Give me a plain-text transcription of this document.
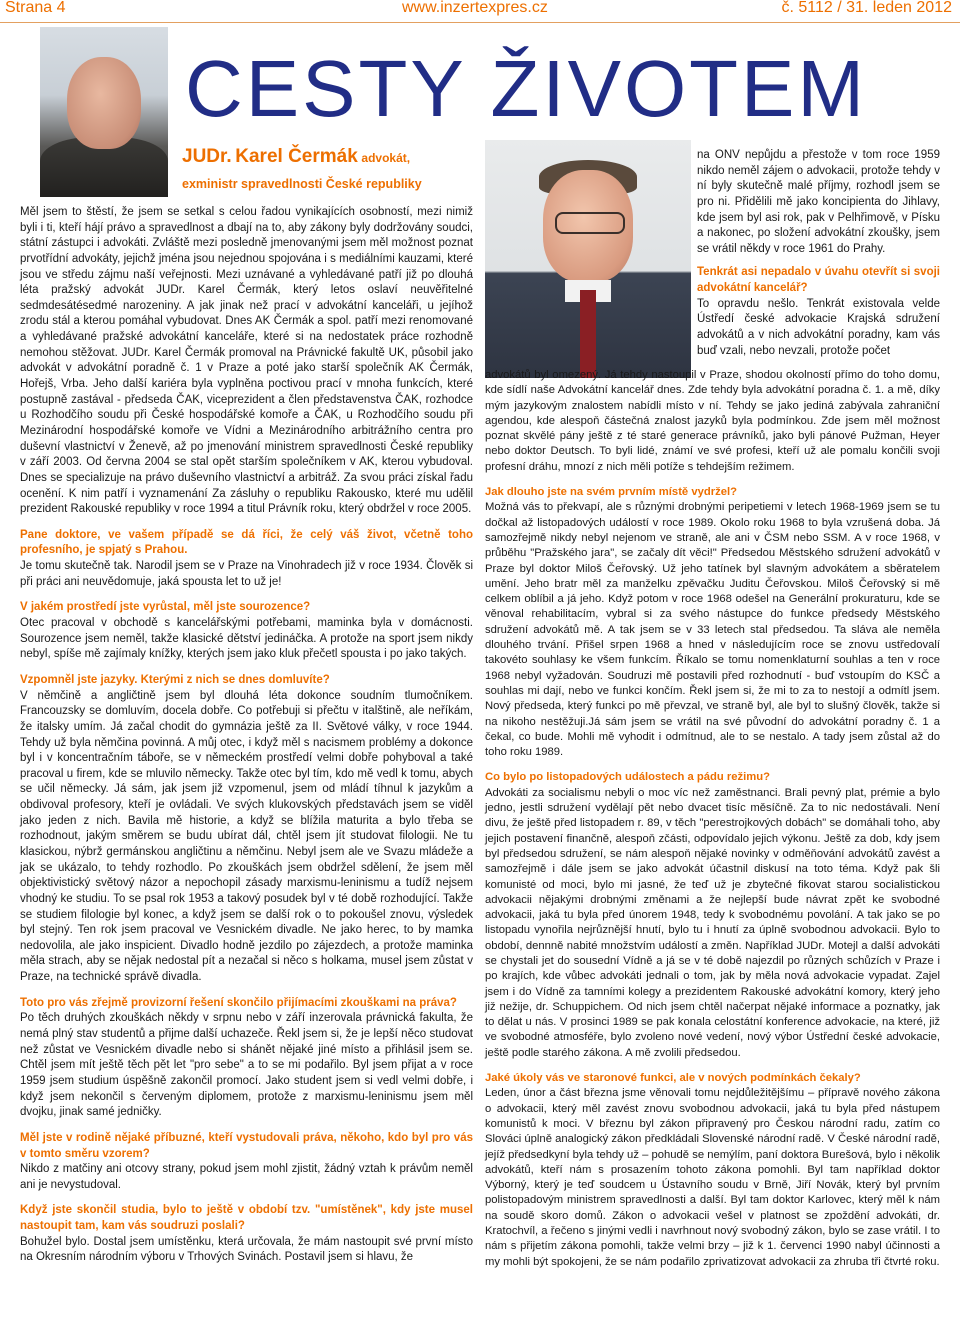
Strana 4	www.inzertexpres.cz	č. 5112 / 31. leden 2012
CESTY ŽIVOTEM
JUDr. Karel Čermák advokát,
exministr spravedlnosti České republiky

Měl jsem to štěstí, že jsem se setkal s celou řadou vynikajících osobností, mezi nimiž byli i ti, kteří hájí právo a spravedlnost a dbají na to, aby zákony byly dodržovány soudci, státní zástupci i advokáti. Zvláště mezi posledně jmenovanými jsem měl možnost poznat prvotřídní advokáty, jejichž jména jsou nejednou spojována i s mediálními kauzami, které jsou ve středu zájmu naší veřejnosti. Mezi uznávané a vyhledávané patří již po dlouhá léta pražský advokát JUDr. Karel Čermák, který letos oslaví neuvěřitelné sedmdesátésedmé narozeniny. A jak jinak než prací v advokátní kanceláři, u jejíhož zrodu stál a kterou pomáhal vybudovat. Dnes AK Čermák a spol. patří mezi renomované a vyhledávané pražské advokátní kanceláře, které si na nedostatek práce rozhodně nemohou stěžovat. JUDr. Karel Čermák promoval na Právnické fakultě UK, působil jako advokát v advokátní poradně č. 1 v Praze a poté jako starší společník AK Čermák, Hořejš, Vrba. Jeho další kariéra byla vyplněna poctivou prací v mnoha funkcích, které postupně zastával - předseda ČAK, viceprezident a člen představenstva ČAK, rozhodce u Rozhodčího soudu při České hospodářské komoře a ČAK, u Rozhodčího soudu při Mezinárodní hospodářské komoře ve Vídni a Mezinárodního arbitrážního centra pro duševní vlastnictví v Ženevě, až po jmenování ministrem spravedlnosti České republiky v září 2003. Od června 2004 se stal opět starším společníkem v AK, kterou vybudoval. Dnes se specializuje na právo duševního vlastnictví a arbitráž. Za svou práci získal řadu ocenění. K nim patří i vyznamenání Za zásluhy o republiku Rakousko, které mu udělil prezident Rakouské republiky v roce 1994 a titul Právník roku, který obdržel v roce 2005.

Pane doktore, ve vašem případě se dá říci, že celý váš život, včetně toho profesního, je spjatý s Prahou.

Je tomu skutečně tak. Narodil jsem se v Praze na Vinohradech již v roce 1934. Člověk si při práci ani neuvědomuje, jaká spousta let to už je!

V jakém prostředí jste vyrůstal, měl jste sourozence?

Otec pracoval v obchodě s kancelářskými potřebami, maminka byla v domácnosti. Sourozence jsem neměl, takže klasické dětství jedináčka. A protože na sport jsem nikdy nebyl, spíše mě zajímaly knížky, kterých jsem jako kluk přečetl spousta i po jako takých.

Vzpomněl jste jazyky. Kterými z nich se dnes domluvíte?

V němčině a angličtině jsem byl dlouhá léta dokonce soudním tlumočníkem. Francouzsky se domluvím, docela dobře. Co potřebuji si přečtu v italštině, ale neříkám, že italsky umím. Já začal chodit do gymnázia ještě za II. Světové války, v roce 1944. Tehdy už byla němčina povinná. A můj otec, i když měl s nacismem problémy a dokonce byl i v koncentračním táboře, se v německém prostředí velmi dobře pohyboval a také pracoval u firem, kde se mluvilo německy. Takže otec byl tím, kdo mě vedl k tomu, abych se učil německy. Já sám, jak jsem již vzpomenul, jsem od mládí tíhnul k jazykům a obdivoval profesory, kteří je ovládali. Ve svých klukovských představách jsem se viděl jako jeden z nich. Bavila mě historie, a když se blížila maturita a bylo třeba se rozhodnout, jakým směrem se budu ubírat dál, chtěl jsem jít studovat filologii. Ne tu klasickou, nýbrž germánskou angličtinu a němčinu. Nebyl jsem ale ve Svazu mládeže a jak se ukázalo, to tehdy rozhodlo. Po zkouškách jsem obdržel sdělení, že jsem měl objektivistický světový názor a nepochopil zásady marxismu-leninismu a tudíž nejsem vhodný ke studiu. To se psal rok 1953 a takový posudek byl v té době rozhodující. Takže se studiem filologie byl konec, a když jsem se další rok o to pokoušel znovu, výsledek byl stejný. Ten rok jsem pracoval ve Vesnickém divadle. Ne jako herec, to by mamka nedovolila, ale jako inspicient. Divadlo hodně jezdilo po zájezdech, a protože maminka měla strach, aby se nějak nedostal pít a nezačal si něco s holkama, musel jsem zůstat v Praze, na technické správě divadla.

Toto pro vás zřejmě provizorní řešení skončilo přijímacími zkouškami na práva?

Po těch druhých zkouškách někdy v srpnu nebo v září inzerovala právnická fakulta, že nemá plný stav studentů a přijme další uchazeče. Řekl jsem si, že je lepší něco studovat než zůstat ve Vesnickém divadle nebo si shánět nějaké jiné místo a přihlásil jsem se. Chtěl jsem mít ještě těch pět let "pro sebe" a to se mi podařilo. Byl jsem přijat a v roce 1959 jsem studium úspěšně zakončil promocí. Jako student jsem si vedl velmi dobře, i když jsem nekončil s červeným diplomem, protože z marxismu-leninismu jsem měl dvojku, jinak samé jedničky.

Měl jste v rodině nějaké příbuzné, kteří vystudovali práva, někoho, kdo byl pro vás v tomto směru vzorem?

Nikdo z matčiny ani otcovy strany, pokud jsem mohl zjistit, žádný vztah k právům neměl ani je nevystudoval.

Když jste skončil studia, bylo to ještě v období tzv. "umístěnek", kdy jste musel nastoupit tam, kam vás soudruzi poslali?

Bohužel bylo. Dostal jsem umístěnku, která určovala, že mám nastoupit své první místo na Okresním národním výboru v Trhových Svinách. Postavil jsem si hlavu, že

na ONV nepůjdu a přestože v tom roce 1959 nikdo neměl zájem o advokacii, protože tehdy v ní byly skutečně malé příjmy, rozhodl jsem se pro ni. Přidělili mě jako koncipienta do Jihlavy, kde jsem byl asi rok, pak v Pelhřimově, v Písku a nakonec, po složení advokátní zkoušky, jsem se vrátil někdy v roce 1961 do Prahy.

Tenkrát asi nepadalo v úvahu otevřít si svoji advokátní kancelář?

To opravdu nešlo. Tenkrát existovala velde Ústředí české advokacie Krajská sdružení advokátů a v nich advokátní poradny, kam vás buď vzali, nebo nevzali, protože počet

advokátů byl omezený. Já tehdy nastoupil v Praze, shodou okolností přímo do toho domu, kde sídlí naše Advokátní kancelář dnes. Zde tehdy byla advokátní poradna č. 1. a mě, díky mým jazykovým znalostem nabídli místo v ní. Tehdy se jako jediná zabývala zahraniční agendou, kde alespoň částečná znalost jazyků byla podmínkou. Zde jsem měl možnost poznat skvělé pány ještě z té staré generace právníků, jako byli pánové Pužman, Heyer nebo doktor Deutsch. To byli lidé, známí ve své profesi, kteří už ale pomalu končili svoji profesní dráhu, mnozí z nich měli potíže s tehdejším režimem.

Jak dlouho jste na svém prvním místě vydržel?

Možná vás to překvapí, ale s různými drobnými peripetiemi v letech 1968-1969 jsem se tu dočkal až listopadových událostí v roce 1989. Okolo roku 1968 to byla vzrušená doba. Já samozřejmě nikdy nebyl nejenom ve straně, ale ani v ČSM nebo SSM. A v roce 1968, v průběhu "Pražského jara", se začaly dít věci!" Předsedou Městského sdružení advokátů v Praze byl doktor Miloš Čeřovský. Už jeho tatínek byl slavným advokátem a sběratelem umění. Jeho bratr měl za manželku zpěvačku Juditu Čeřovskou. Miloš Čeřovský si mě celkem oblíbil a já jeho. Když potom v roce 1968 odešel na Generální prokuraturu, kde se věnoval rehabilitacím, vybral si za svého nástupce do funkce předsedy Městského sdružení advokátů mě. A tak jsem se v 33 letech stal předsedou. Ta sláva ale neměla dlouhého trvání. Přišel srpen 1968 a hned v následujícím roce se znovu ustředovalí takovéto souhlasy ke všem funkcím. Říkalo se tomu nomenklaturní souhlas a ten v roce 1968 nebyl vyžadován. Soudruzi mě postavili před rozhodnutí - buď vstoupím do KSČ a souhlas mi dají, nebo ve funkci končím. Řekl jsem si, že mi to za to nestojí a odmítl jsem. Nový předseda, který funkci po mě převzal, ve straně byl, ale byl to slušný člověk, takže si na nikoho nestěžuji.Já sám jsem se vrátil na své původní do advokátní poradny č. 1 a čekal, co bude. Mohli mě vyhodit i odmítnud, ale to se nestalo. A tady jsem zůstal až do toho roku 1989.

Co bylo po listopadových událostech a pádu režimu?

Advokáti za socialismu nebyli o moc víc než zaměstnanci. Brali pevný plat, prémie a bylo jedno, jestli sdružení vydělají pět nebo dvacet tisíc měsíčně. Za to nic nedostávali. Není divu, že ještě před listopadem r. 89, v těch "perestrojkových dobách" se domáhali toho, aby jejich postavení finančně, alespoň zčásti, odpovídalo jejich výkonu. Ještě za dob, kdy jsem byl předsedou sdružení, se nám alespoň nějaké novinky v odměňování advokátů zavést a samozřejmě i dále jsem se jako advokát účastnil diskusí na toto téma. Když pak šli komunisté od moci, bylo mi jasné, že teď už je zbytečné fikovat starou socialistickou advokacii nějakými drobnými změnami a že nejlepší bude návrat zpět ke svobodné advokacii, jaká tu byla před únorem 1948, tedy k svobodnému povolání. A tak jako se po listopadu vynořila nejrůznější hnutí, bylo tu i hnutí za úplně svobodnou advokacii. Bylo to období, dennně nabité množstvím událostí a změn. Například JUDr. Motejl a další advokáti se chystali jet do sousední Vídně a já se v té době najezdil po různých schůzích v Praze i po krajích, kde vůbec advokáti jednali o tom, jak by měla nová advokacie vypadat. Zajel jsem i do Vídně za tamními kolegy a prezidentem Rakouské advokátní komory, který jeho již nežije, dr. Schuppichem. Od nich jsem chtěl načerpat nějaké informace a poznatky, jak to dělat u nás. V prosinci 1989 se pak konala celostátní konference advokacie, na které, již ve svobodné atmosféře, bylo zvoleno nové vedení, nový výbor Ústřední české advokacie, ještě podle starého zákona. A mě zvolili předsedou.

Jaké úkoly vás ve staronové funkci, ale v nových podmínkách čekaly?

Leden, únor a část března jsme věnovali tomu nejdůležitějšímu – přípravě nového zákona o advokacii, který měl zavést znovu svobodnou advokacii, jaká tu byla před nástupem komunistů k moci. V březnu byl zákon připravený pro Českou národní radu, zatím co Slováci úplně analogický zákon předkládali Slovenské národní radě. V České národní radě, jejíž předsedkyní byla tehdy už – pohudě se nemýlím, paní doktora Burešová, bylo i několik advokátů, kteří nám s prosazením tohoto zákona pomohli. Byl tam například doktor Výborný, který je teď soudcem u Ústavního soudu v Brně, Jiří Novák, který byl prvním polistopadovým ministrem spravedlnosti a další. Byl tam doktor Karlovec, který měl k nám na soudě skoro domů. Zákon o advokacii vešel v platnost se zpoždění advokáti, dr. Kratochvíl, a řečeno s jinými vedli i navrhnout nový svobodný zákon, bylo se zase vrátil. I to nám s přijetím zákona pomohli, takže velmi brzy – již k 1. červenci 1990 nabyl účinnosti a my mohli být spokojeni, že se nám podařilo zprivatizovat advokacii za zhruba tři čtvrté roku.
